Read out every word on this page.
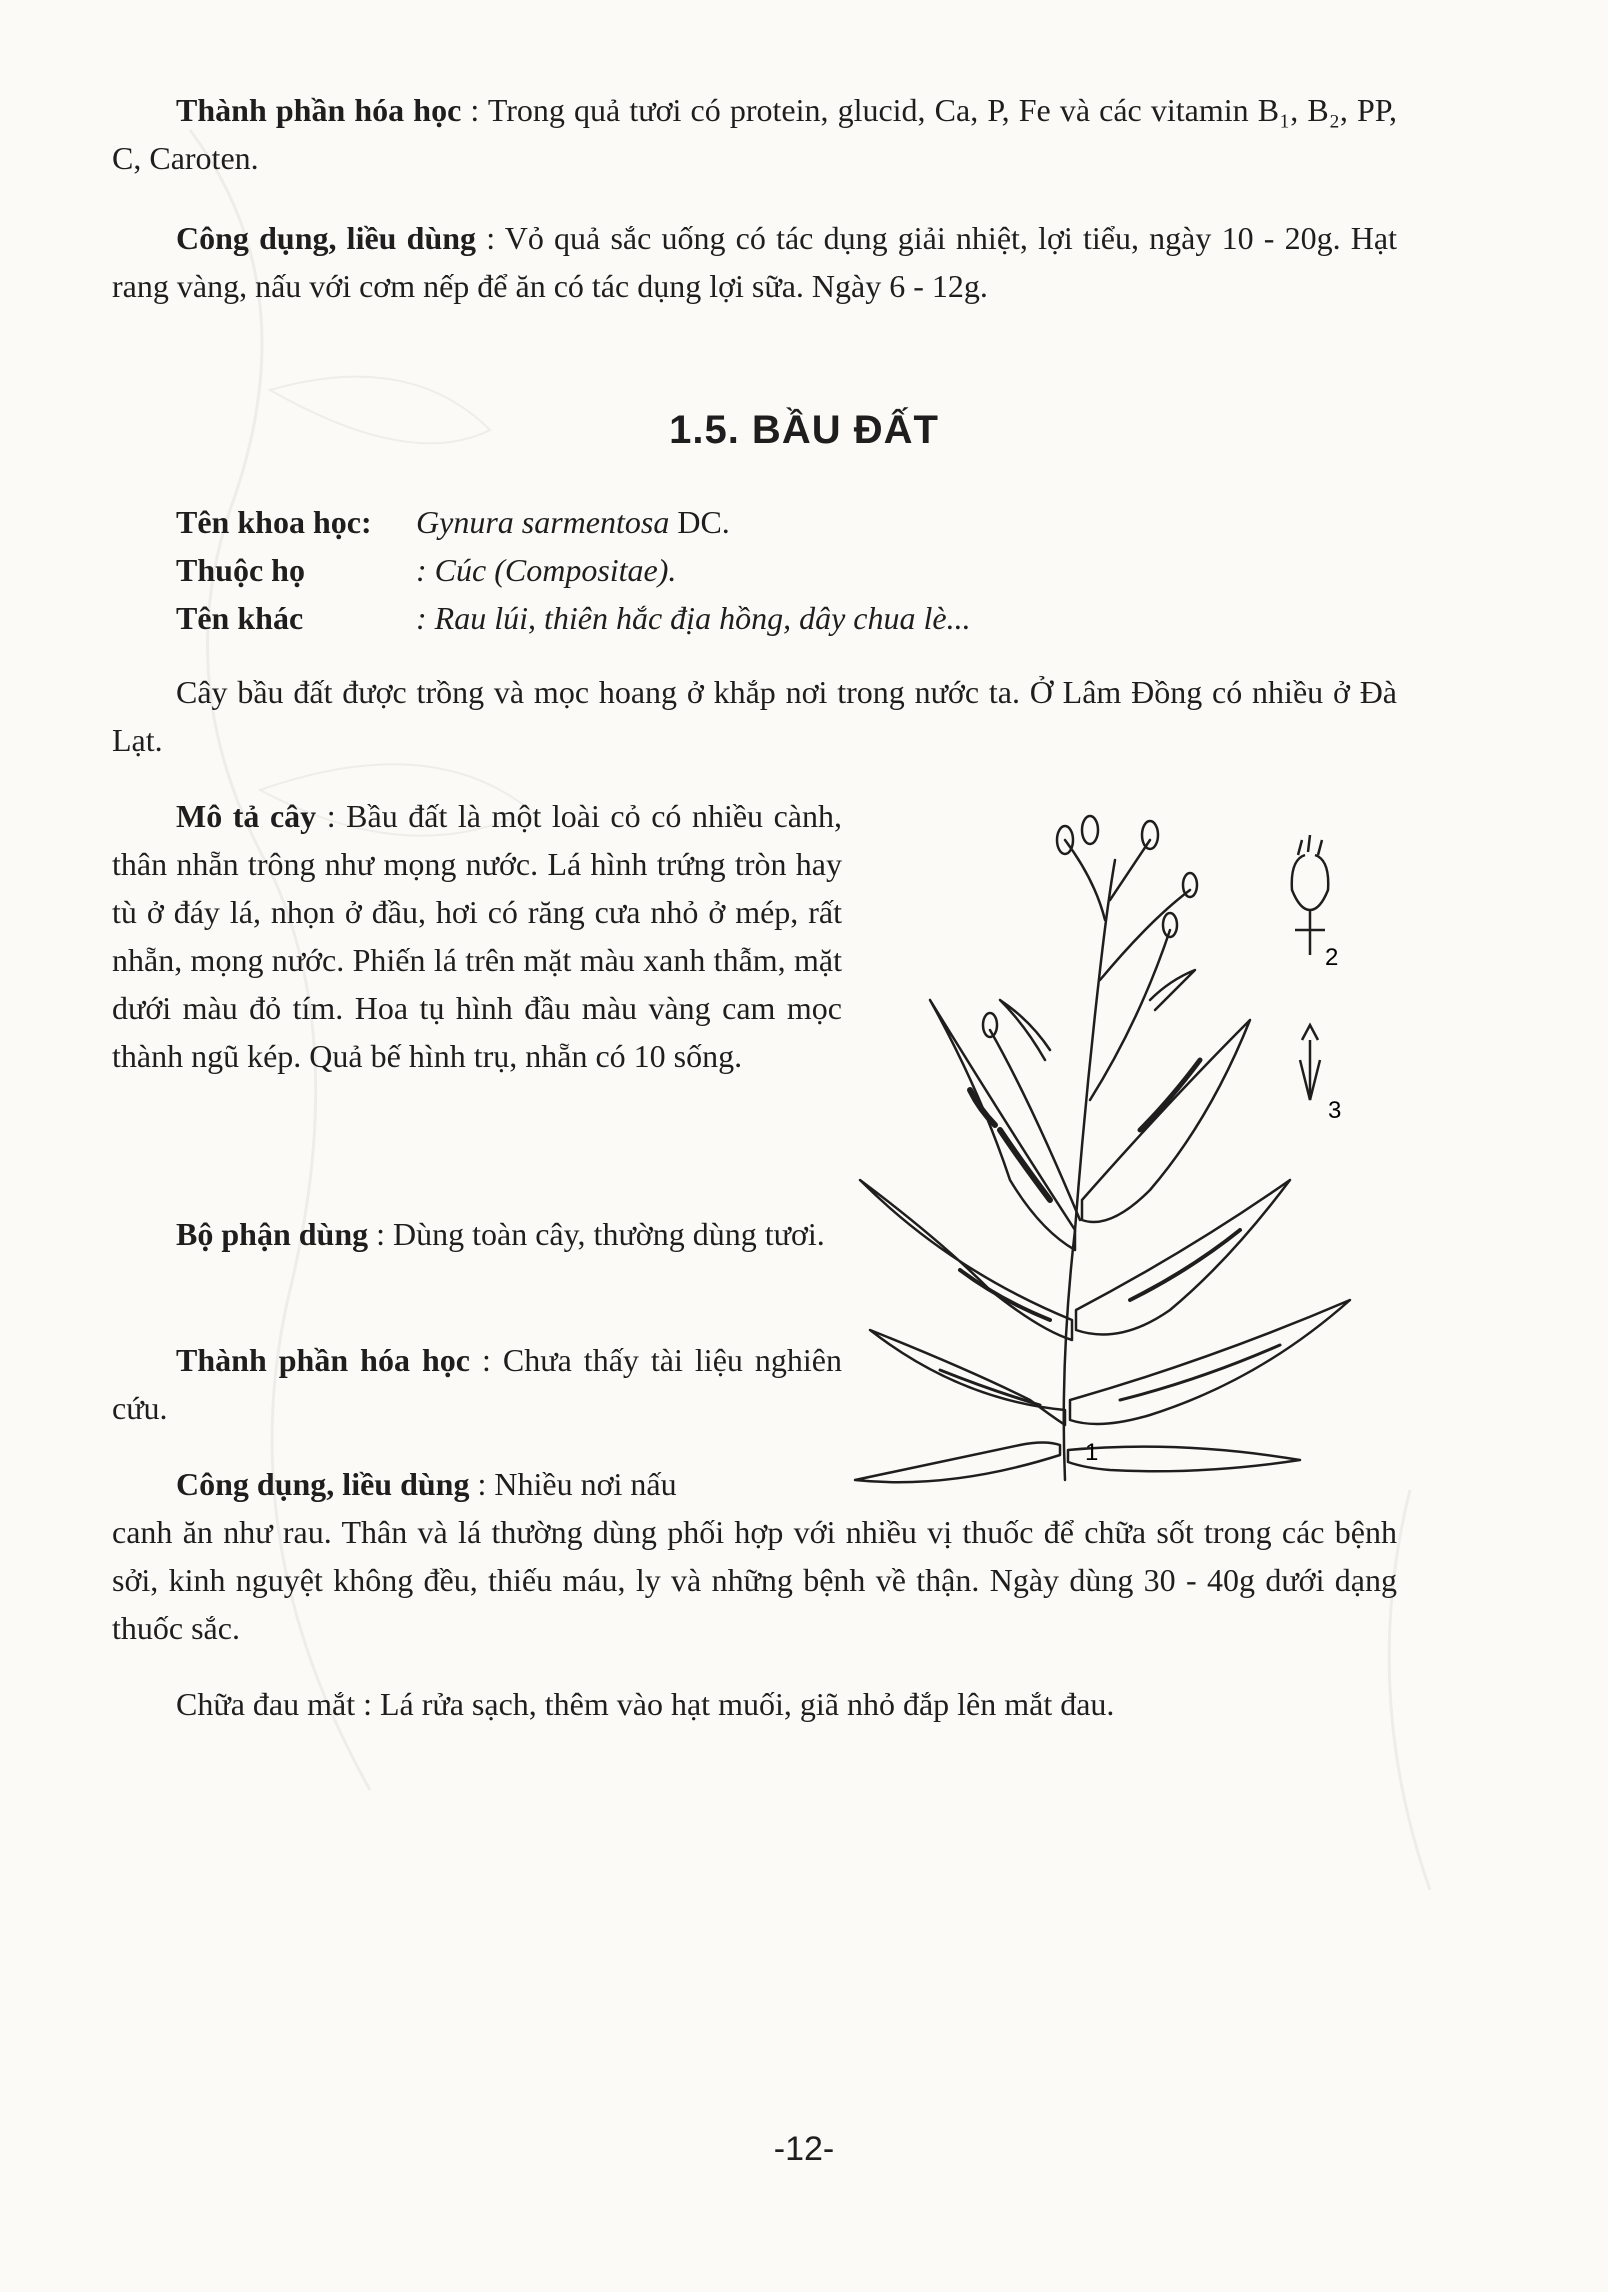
Thành phần hóa học : Trong quả tươi có protein, glucid, Ca, P, Fe và các vitamin B₁, B₂, PP, C, Caroten.

Công dụng, liều dùng : Vỏ quả sắc uống có tác dụng giải nhiệt, lợi tiểu, ngày 10 - 20g. Hạt rang vàng, nấu với cơm nếp để ăn có tác dụng lợi sữa. Ngày 6 - 12g.

1.5. BẦU ĐẤT
Tên khoa học:Gynura sarmentosa DC.
Thuộc họ	: Cúc (Compositae).
Tên khác	: Rau lúi, thiên hắc địa hồng, dây chua lè...

Cây bầu đất được trồng và mọc hoang ở khắp nơi trong nước ta. Ở Lâm Đồng có nhiều ở Đà Lạt.

Mô tả cây : Bầu đất là một loài cỏ có nhiều cành, thân nhẵn trông như mọng nước. Lá hình trứng tròn hay tù ở đáy lá, nhọn ở đầu, hơi có răng cưa nhỏ ở mép, rất nhẵn, mọng nước. Phiến lá trên mặt màu xanh thẫm, mặt dưới màu đỏ tím. Hoa tụ hình đầu màu vàng cam mọc thành ngũ kép. Quả bế hình trụ, nhẵn có 10 sống.

Bộ phận dùng : Dùng toàn cây, thường dùng tươi.

Thành phần hóa học : Chưa thấy tài liệu nghiên cứu.

Công dụng, liều dùng : Nhiều nơi nấu

canh ăn như rau. Thân và lá thường dùng phối hợp với nhiều vị thuốc để chữa sốt trong các bệnh sởi, kinh nguyệt không đều, thiếu máu, ly và những bệnh về thận. Ngày dùng 30 - 40g dưới dạng thuốc sắc.

Chữa đau mắt : Lá rửa sạch, thêm vào hạt muối, giã nhỏ đắp lên mắt đau.

2
3
1
-12-
